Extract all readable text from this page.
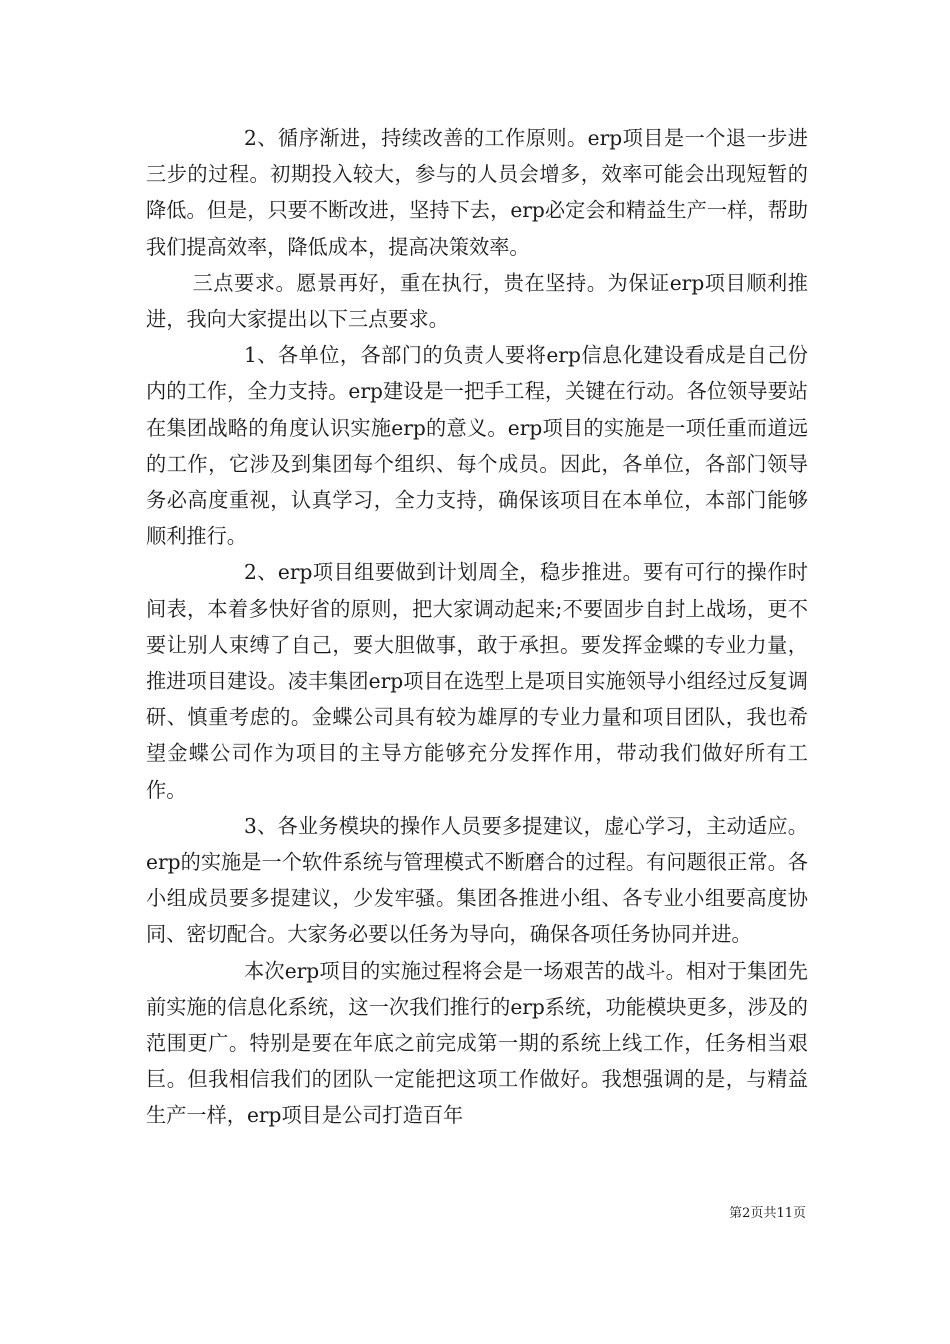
2、循序渐进，持续改善的工作原则。erp项目是一个退一步进三步的过程。初期投入较大，参与的人员会增多，效率可能会出现短暂的降低。但是，只要不断改进，坚持下去，erp必定会和精益生产一样，帮助我们提高效率，降低成本，提高决策效率。

三点要求。愿景再好，重在执行，贵在坚持。为保证erp项目顺利推进，我向大家提出以下三点要求。

1、各单位，各部门的负责人要将erp信息化建设看成是自己份内的工作，全力支持。erp建设是一把手工程，关键在行动。各位领导要站在集团战略的角度认识实施erp的意义。erp项目的实施是一项任重而道远的工作，它涉及到集团每个组织、每个成员。因此，各单位，各部门领导务必高度重视，认真学习，全力支持，确保该项目在本单位，本部门能够顺利推行。

2、erp项目组要做到计划周全，稳步推进。要有可行的操作时间表，本着多快好省的原则，把大家调动起来;不要固步自封上战场，更不要让别人束缚了自己，要大胆做事，敢于承担。要发挥金蝶的专业力量，推进项目建设。凌丰集团erp项目在选型上是项目实施领导小组经过反复调研、慎重考虑的。金蝶公司具有较为雄厚的专业力量和项目团队，我也希望金蝶公司作为项目的主导方能够充分发挥作用，带动我们做好所有工作。

3、各业务模块的操作人员要多提建议，虚心学习，主动适应。erp的实施是一个软件系统与管理模式不断磨合的过程。有问题很正常。各小组成员要多提建议，少发牢骚。集团各推进小组、各专业小组要高度协同、密切配合。大家务必要以任务为导向，确保各项任务协同并进。

本次erp项目的实施过程将会是一场艰苦的战斗。相对于集团先前实施的信息化系统，这一次我们推行的erp系统，功能模块更多，涉及的范围更广。特别是要在年底之前完成第一期的系统上线工作，任务相当艰巨。但我相信我们的团队一定能把这项工作做好。我想强调的是，与精益生产一样，erp项目是公司打造百年

第2页共11页
